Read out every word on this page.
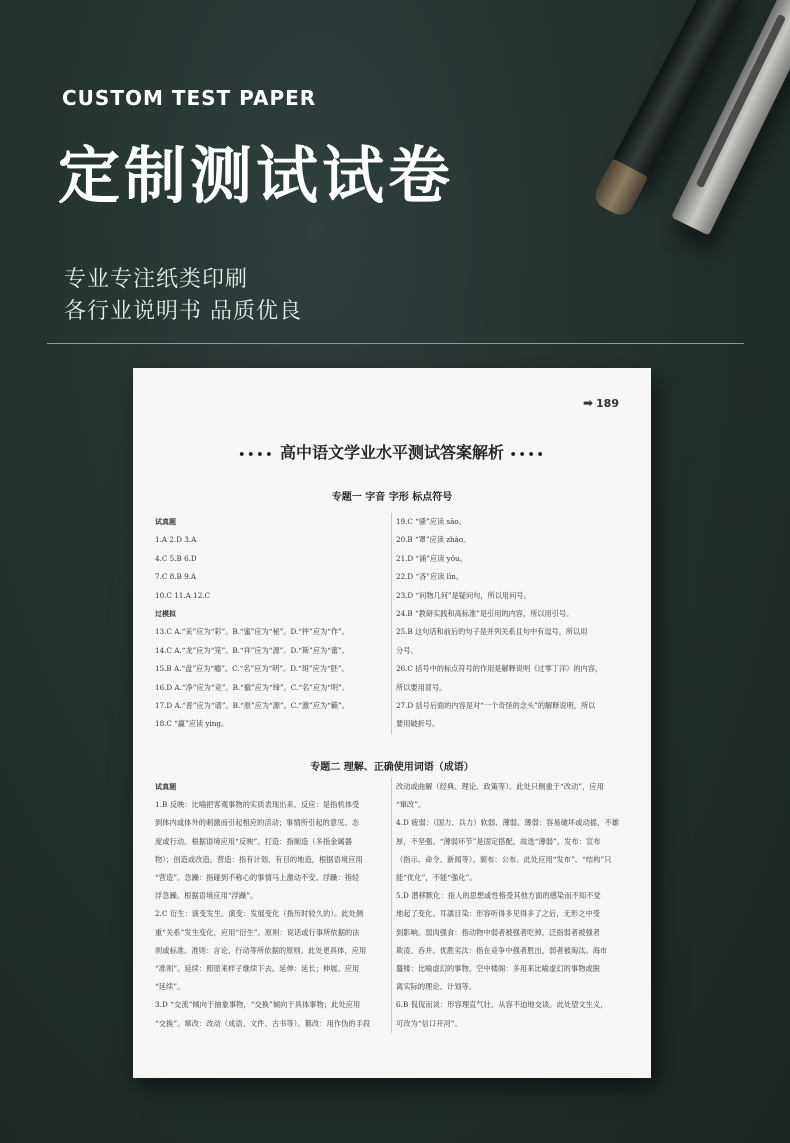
CUSTOM TEST PAPER
定制测试试卷
专业专注纸类印刷
各行业说明书 品质优良
➡ 189
•••• 高中语文学业水平测试答案解析 ••••
专题一 字音 字形 标点符号
试真题
1.A 2.D 3.A
4.C 5.B 6.D
7.C 8.B 9.A
10.C 11.A 12.C
过模拟
13.C A.“采”应为“彩”。B.“蜜”应为“秘”。D.“抨”应为“作”。
14.C A.“龙”应为“笼”。B.“祥”应为“源”。D.“斯”应为“蕾”。
15.B A.“盘”应为“瘾”。C.“名”应为“明”。D.“斑”应为“胚”。
16.D A.“净”应为“竞”。B.“撤”应为“缔”。C.“名”应为“明”。
17.D A.“普”应为“谱”。B.“原”应为“源”。C.“激”应为“籁”。
18.C “赢”应读 ying。
19.C “骚”应读 sāo。
20.B “罩”应读 zhào。
21.D “涌”应读 yǒu。
22.D “吝”应读 lìn。
23.D “问物几何”是疑问句，所以用问号。
24.B “教研实践和高标准”是引用的内容，所以用引号。
25.B 这句话和前后的句子是并列关系且句中有逗号，所以用
分号。
26.C 括号中的标点符号的作用是解释说明《过零丁洋》的内容，
所以要用冒号。
27.D 括号后面的内容是对“一个奇怪的念头”的解释说明，所以
要用破折号。
专题二 理解、正确使用词语（成语）
试真题
1.B 反映：比喻把客观事物的实质表现出来。反应：是指机体受
到体内或体外的刺激而引起相应的活动；事情所引起的意见、态
度或行动。根据语境应用“反映”。打造：指制造（多指金属器
物）；创造或改造。营造：指有计划、有目的地造，根据语境应用
“营造”。急躁：指碰到不称心的事情马上激动不安。浮躁：指轻
浮急躁。根据语境应用“浮躁”。
2.C 衍生：演变发生。演变：发展变化（指历时较久的）。此处侧
重“关系”发生变化，应用“衍生”。原则：说话或行事所依据的法
则或标准。准则：言论、行动等所依据的原则。此处更具体，应用
“准则”。延续：照原来样子继续下去。延伸：延长；伸展。应用
“延续”。
3.D “交流”倾向于抽象事物，“交换”倾向于具体事物；此处应用
“交换”。窜改：改动（成语、文件、古书等）。篡改：用作伪的手段
改动或曲解（经典、理论、政策等）。此处只侧重于“改动”，应用
“窜改”。
4.D 疲弱：（国力、兵力）软弱、薄弱。薄弱：容易破坏或动摇，不雄
厚，不坚强。“薄弱环节”是固定搭配，故选“薄弱”。发布：宣布
（指示、命令、新闻等）。颁布：公布。此处应用“发布”。“结构”只
能“优化”，不能“强化”。
5.D 潜移默化：指人的思想或性格受其他方面的感染而不知不觉
地起了变化。耳濡目染：形容听得多见得多了之后，无形之中受
到影响。弱肉强食：指动物中弱者被强者吃掉，泛指弱者被强者
欺凌、吞并。优胜劣汰：指在竞争中强者胜出，弱者被淘汰。海市
蜃楼：比喻虚幻的事物。空中楼阁：多用来比喻虚幻的事物或脱
离实际的理论、计划等。
6.B 侃侃而谈：形容理直气壮、从容不迫地交谈。此处望文生义，
可改为“信口开河”。
